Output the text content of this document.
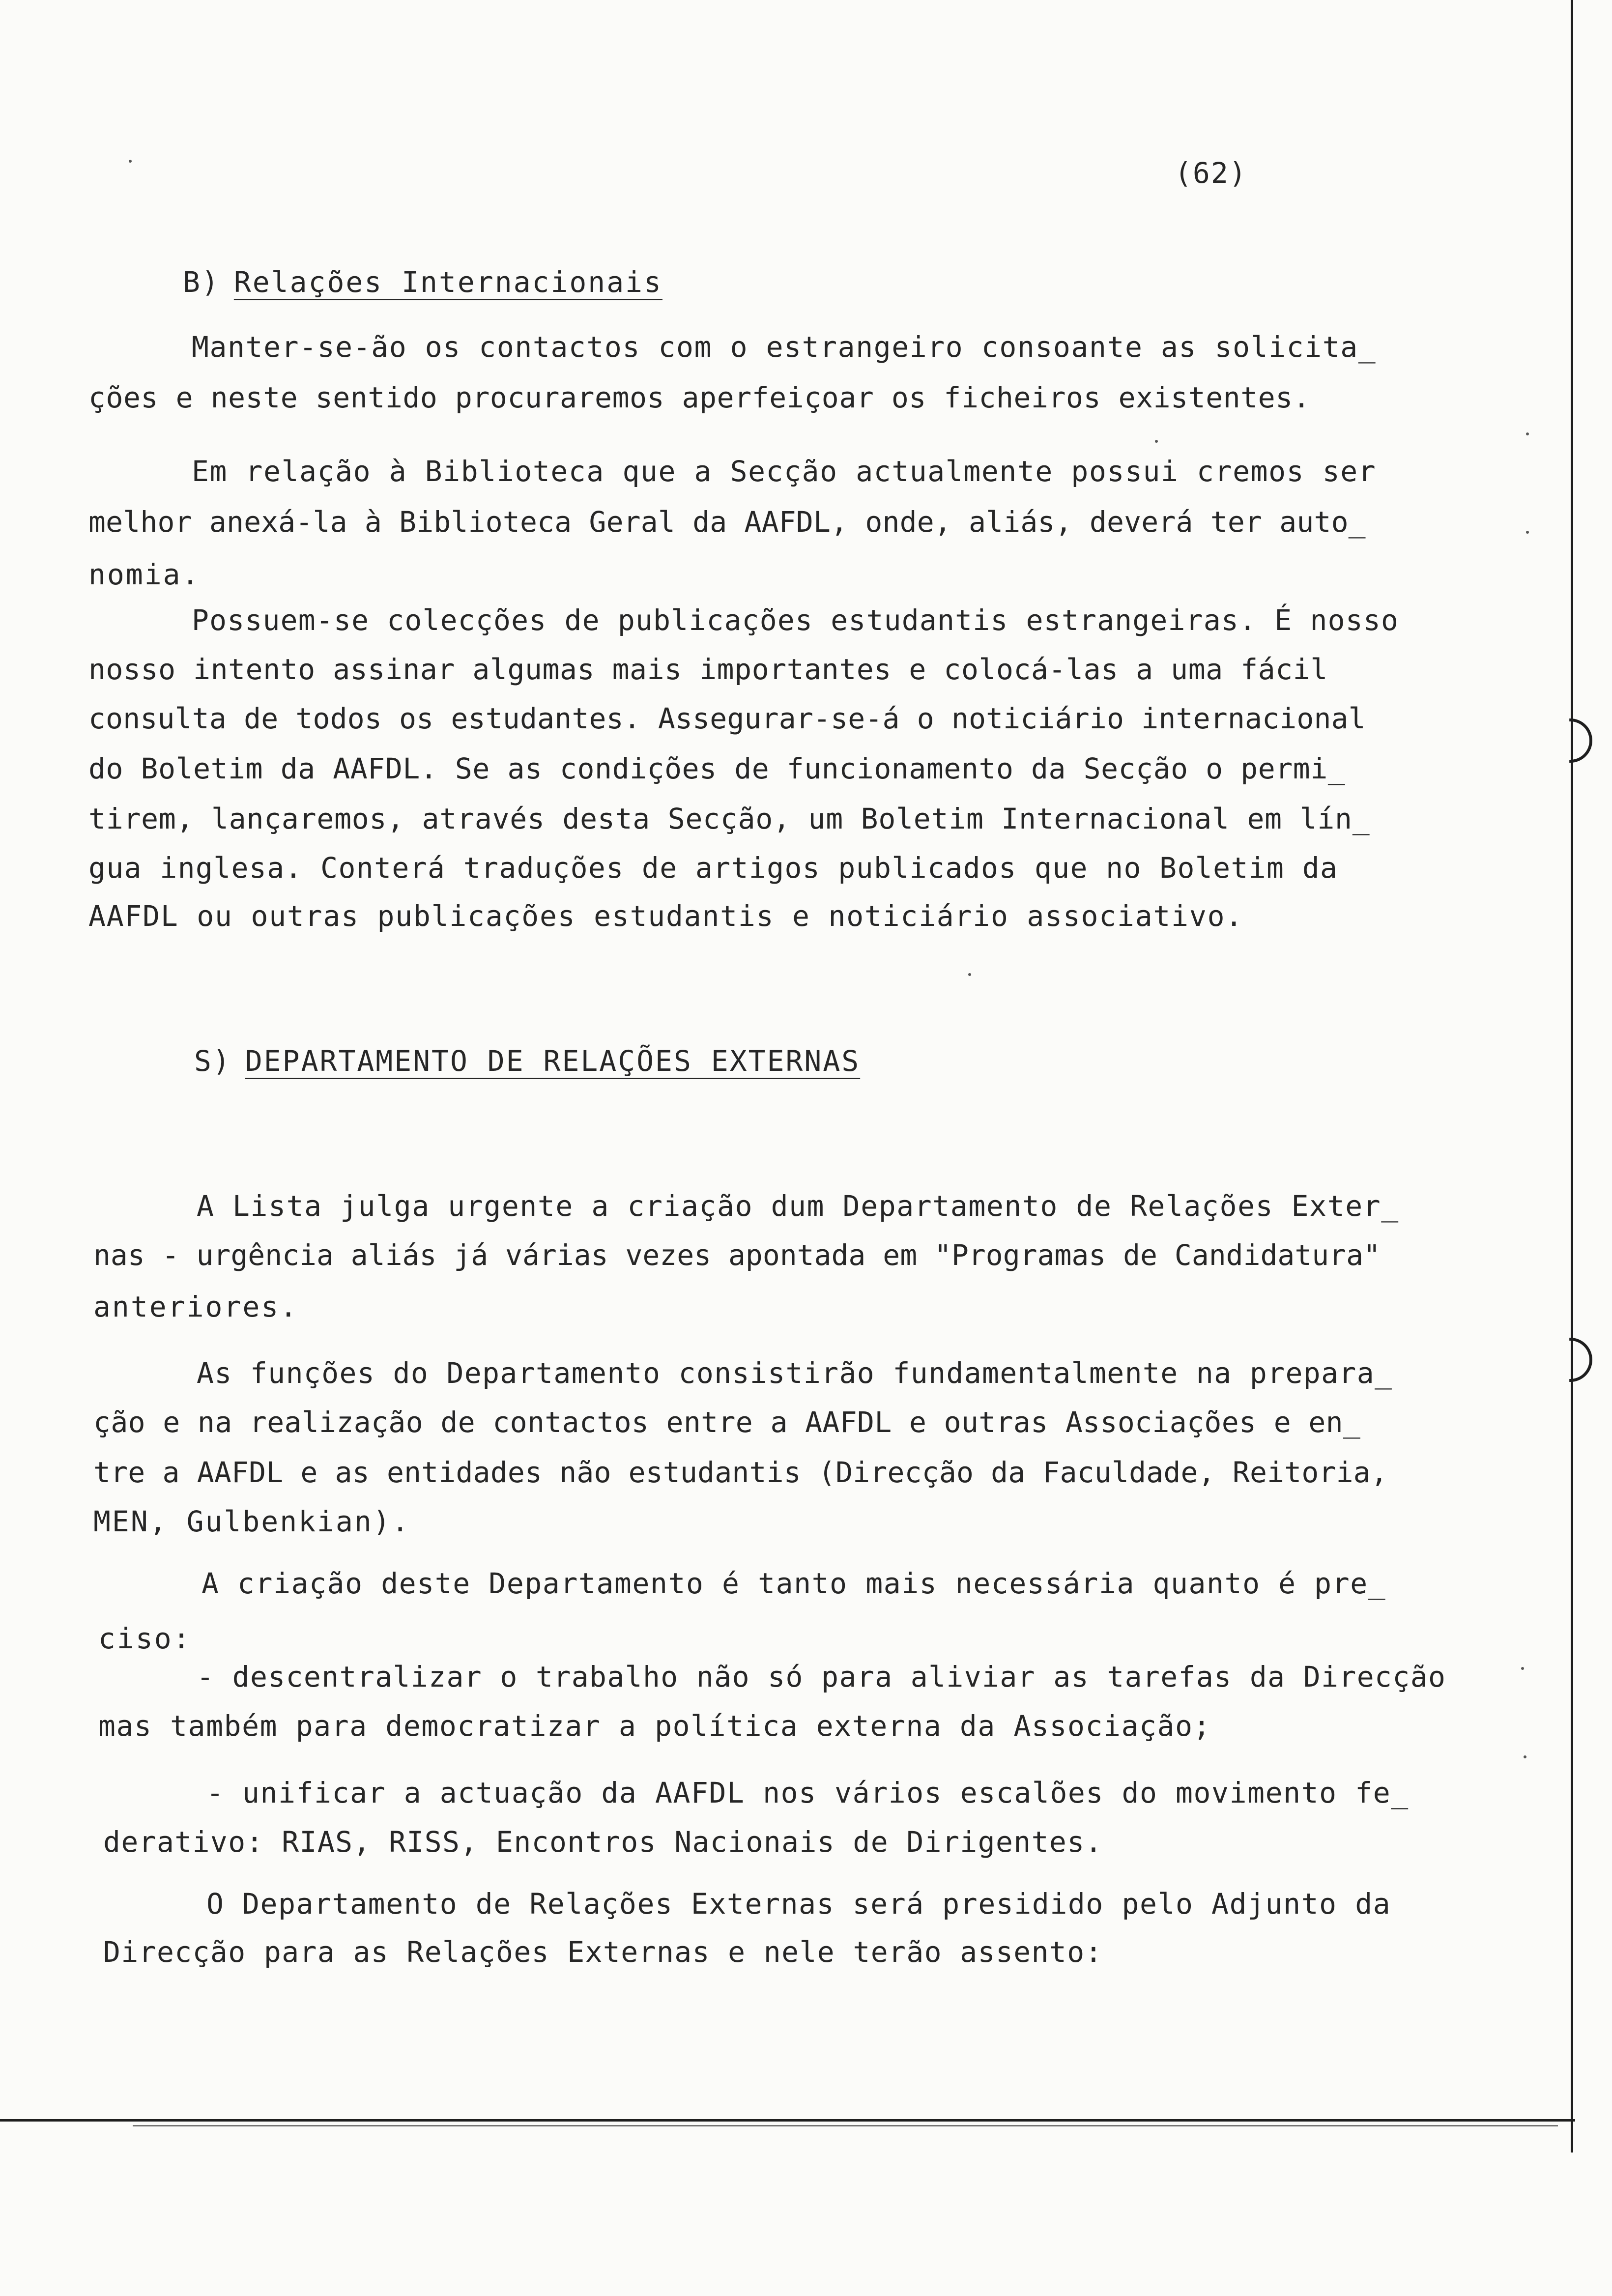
(62)
B) Relações Internacionais
Manter-se-ão os contactos com o estrangeiro consoante as solicita_
ções e neste sentido procuraremos aperfeiçoar os ficheiros existentes.
Em relação à Biblioteca que a Secção actualmente possui cremos ser
melhor anexá-la à Biblioteca Geral da AAFDL, onde, aliás, deverá ter auto_
nomia.
Possuem-se colecções de publicações estudantis estrangeiras. É nosso
nosso intento assinar algumas mais importantes e colocá-las a uma fácil
consulta de todos os estudantes. Assegurar-se-á o noticiário internacional
do Boletim da AAFDL. Se as condições de funcionamento da Secção o permi_
tirem, lançaremos, através desta Secção, um Boletim Internacional em lín_
gua inglesa. Conterá traduções de artigos publicados que no Boletim da
AAFDL ou outras publicações estudantis e noticiário associativo.
S) DEPARTAMENTO DE RELAÇÕES EXTERNAS
A Lista julga urgente a criação dum Departamento de Relações Exter_
nas - urgência aliás já várias vezes apontada em "Programas de Candidatura"
anteriores.
As funções do Departamento consistirão fundamentalmente na prepara_
ção e na realização de contactos entre a AAFDL e outras Associações e en_
tre a AAFDL e as entidades não estudantis (Direcção da Faculdade, Reitoria,
MEN, Gulbenkian).
A criação deste Departamento é tanto mais necessária quanto é pre_
ciso:
- descentralizar o trabalho não só para aliviar as tarefas da Direcção
mas também para democratizar a política externa da Associação;
- unificar a actuação da AAFDL nos vários escalões do movimento fe_
derativo: RIAS, RISS, Encontros Nacionais de Dirigentes.
O Departamento de Relações Externas será presidido pelo Adjunto da
Direcção para as Relações Externas e nele terão assento:
